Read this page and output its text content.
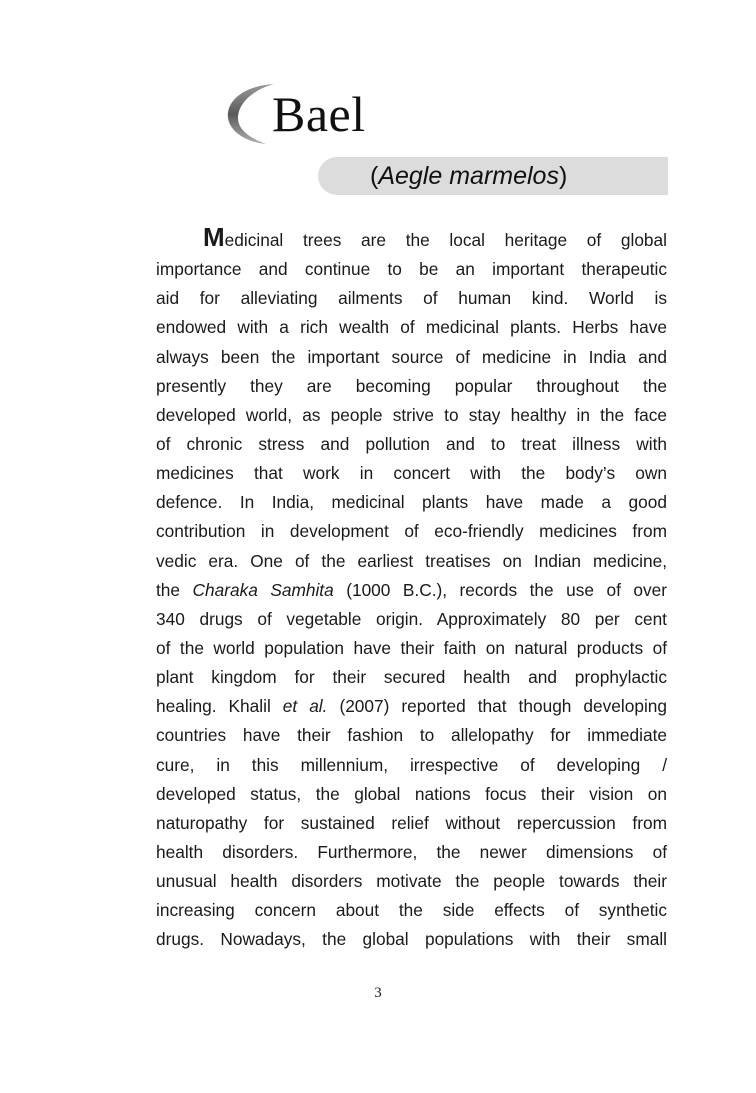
Bael
(Aegle marmelos)
Medicinal trees are the local heritage of global
importance and continue to be an important therapeutic
aid for alleviating ailments of human kind. World is
endowed with a rich wealth of medicinal plants. Herbs have
always been the important source of medicine in India and
presently they are becoming popular throughout the
developed world, as people strive to stay healthy in the face
of chronic stress and pollution and to treat illness with
medicines that work in concert with the body’s own
defence. In India, medicinal plants have made a good
contribution in development of eco-friendly medicines from
vedic era. One of the earliest treatises on Indian medicine,
the Charaka Samhita (1000 B.C.), records the use of over
340 drugs of vegetable origin. Approximately 80 per cent
of the world population have their faith on natural products of
plant kingdom for their secured health and prophylactic
healing. Khalil et al. (2007) reported that though developing
countries have their fashion to allelopathy for immediate
cure, in this millennium, irrespective of developing /
developed status, the global nations focus their vision on
naturopathy for sustained relief without repercussion from
health disorders. Furthermore, the newer dimensions of
unusual health disorders motivate the people towards their
increasing concern about the side effects of synthetic
drugs. Nowadays, the global populations with their small
3
